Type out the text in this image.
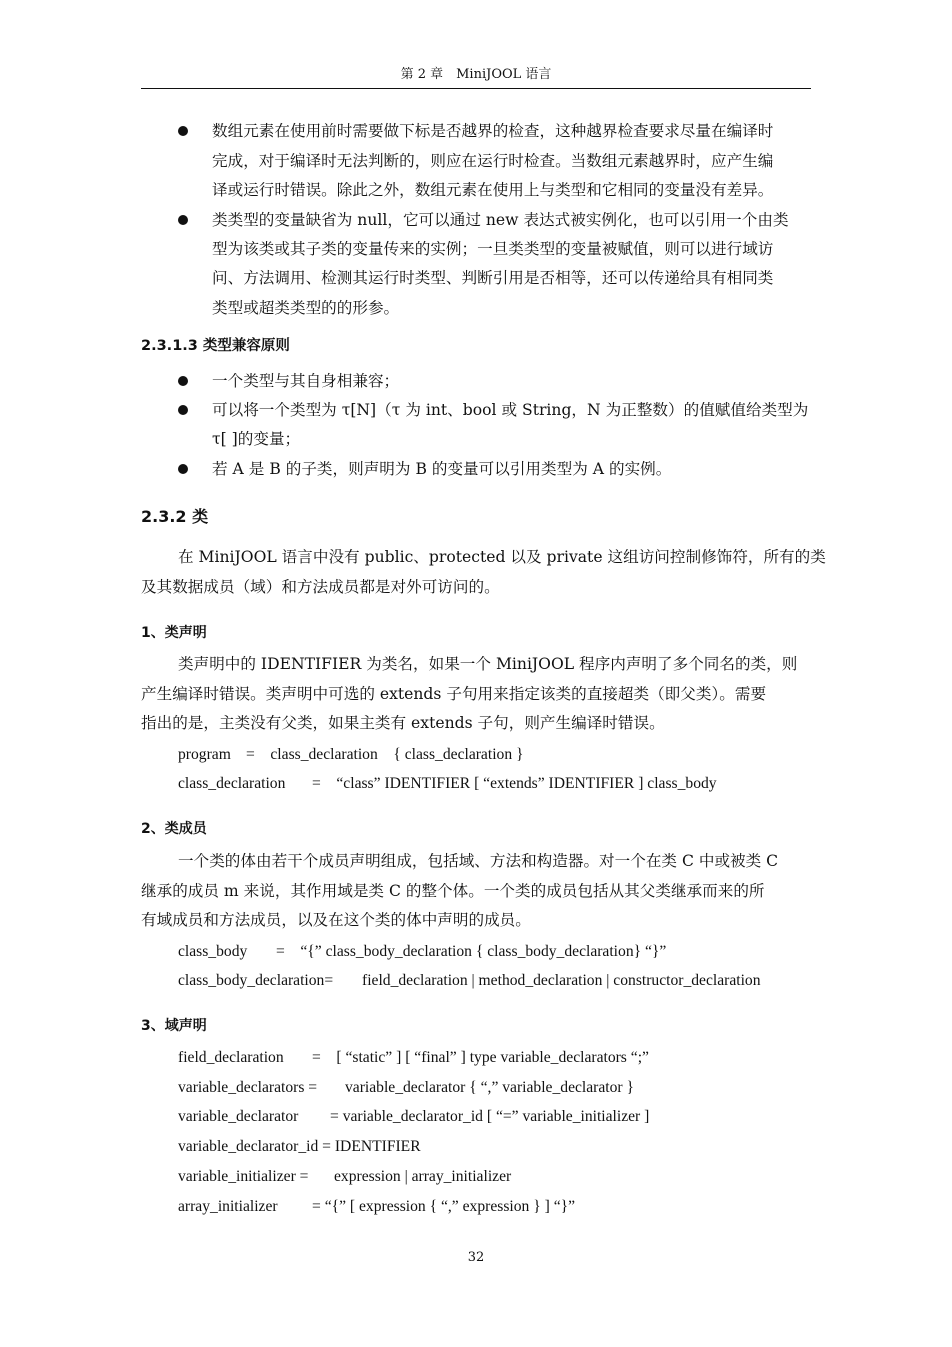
第 2 章　MiniJOOL 语言
数组元素在使用前时需要做下标是否越界的检查，这种越界检查要求尽量在编译时
完成，对于编译时无法判断的，则应在运行时检查。当数组元素越界时，应产生编
译或运行时错误。除此之外，数组元素在使用上与类型和它相同的变量没有差异。
类类型的变量缺省为 null，它可以通过 new 表达式被实例化，也可以引用一个由类
型为该类或其子类的变量传来的实例；一旦类类型的变量被赋值，则可以进行域访
问、方法调用、检测其运行时类型、判断引用是否相等，还可以传递给具有相同类
类型或超类类型的的形参。
2.3.1.3 类型兼容原则
一个类型与其自身相兼容；
可以将一个类型为 τ[N]（τ 为 int、bool 或 String，N 为正整数）的值赋值给类型为
τ[ ]的变量；
若 A 是 B 的子类，则声明为 B 的变量可以引用类型为 A 的实例。
2.3.2 类
在 MiniJOOL 语言中没有 public、protected 以及 private 这组访问控制修饰符，所有的类
及其数据成员（域）和方法成员都是对外可访问的。
1、类声明
类声明中的 IDENTIFIER 为类名，如果一个 MiniJOOL 程序内声明了多个同名的类，则
产生编译时错误。类声明中可选的 extends 子句用来指定该类的直接超类（即父类）。需要
指出的是，主类没有父类，如果主类有 extends 子句，则产生编译时错误。
program =　class_declaration　{ class_declaration }
class_declaration =　“class” IDENTIFIER [ “extends” IDENTIFIER ] class_body
2、类成员
一个类的体由若干个成员声明组成，包括域、方法和构造器。对一个在类 C 中或被类 C
继承的成员 m 来说，其作用域是类 C 的整个体。一个类的成员包括从其父类继承而来的所
有域成员和方法成员，以及在这个类的体中声明的成员。
class_body =　“{” class_body_declaration { class_body_declaration} “}”
class_body_declaration= field_declaration | method_declaration | constructor_declaration
3、域声明
field_declaration =　[ “static” ] [ “final” ] type variable_declarators “;”
variable_declarators = variable_declarator { “,” variable_declarator }
variable_declarator = variable_declarator_id [ “=” variable_initializer ]
variable_declarator_id = IDENTIFIER
variable_initializer = expression | array_initializer
array_initializer = “{” [ expression { “,” expression } ] “}”
32
